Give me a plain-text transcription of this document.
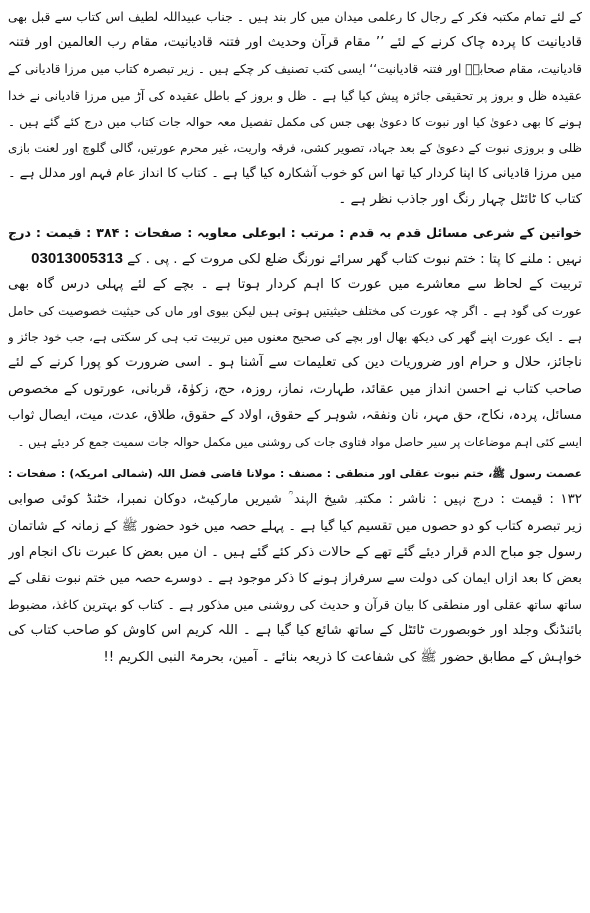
کے لئے تمام مکتبہ فکر کے رجال کا رعلمی میدان میں کار بند ہیں ۔ جناب عبیداللہ لطیف اس کتاب سے قبل بھی
قادیانیت کا پردہ چاک کرنے کے لئے ’’ مقام قرآن وحدیث اور فتنہ قادیانیت، مقام رب العالمین اور فتنہ
قادیانیت، مقام صحابہؓ اور فتنہ قادیانیت‘‘ ایسی کتب تصنیف کر چکے ہیں ۔ زیر تبصرہ کتاب میں مرزا قادیانی کے
عقیدہ ظل و بروز پر تحقیقی جائزہ پیش کیا گیا ہے ۔ ظل و بروز کے باطل عقیدہ کی آڑ میں مرزا قادیانی نے خدا
ہونے کا بھی دعویٰ کیا اور نبوت کا دعویٰ بھی جس کی مکمل تفصیل معہ حوالہ جات کتاب میں درج کئے گئے ہیں ۔
ظلی و بروزی نبوت کے دعویٰ کے بعد جہاد، تصویر کشی، فرقہ واریت، غیر محرم عورتیں، گالی گلوچ اور لعنت بازی
میں مرزا قادیانی کا اپنا کردار کیا تھا اس کو خوب آشکارہ کیا گیا ہے ۔ کتاب کا انداز عام فہم اور مدلل ہے ۔
کتاب کا ٹائٹل چہار رنگ اور جاذب نظر ہے ۔
خواتین کے شرعی مسائل قدم بہ قدم : مرتب : ابوعلی معاویہ : صفحات : ۳۸۴ : قیمت : درج
نہیں : ملنے کا پتا : ختم نبوت کتاب گھر سرائے نورنگ ضلع لکی مروت کے . پی . کے 03013005313
تربیت کے لحاظ سے معاشرے میں عورت کا اہم کردار ہوتا ہے ۔ بچے کے لئے پہلی درس گاہ بھی
عورت کی گود ہے ۔ اگر چہ عورت کی مختلف حیثیتیں ہوتی ہیں لیکن بیوی اور ماں کی حیثیت خصوصیت کی حامل
ہے ۔ ایک عورت اپنے گھر کی دیکھ بھال اور بچے کی صحیح معنوں میں تربیت تب ہی کر سکتی ہے، جب خود جائز و
ناجائز، حلال و حرام اور ضروریات دین کی تعلیمات سے آشنا ہو ۔ اسی ضرورت کو پورا کرنے کے لئے
صاحب کتاب نے احسن انداز میں عقائد، طہارت، نماز، روزہ، حج، زکوٰۃ، قربانی، عورتوں کے مخصوص
مسائل، پردہ، نکاح، حق مہر، نان ونفقہ، شوہر کے حقوق، اولاد کے حقوق، طلاق، عدت، میت، ایصال ثواب
ایسے کئی اہم موضاعات پر سیر حاصل مواد فتاوی جات کی روشنی میں مکمل حوالہ جات سمیت جمع کر دیئے ہیں ۔
عصمت رسول ﷺ، ختم نبوت عقلی اور منطقی : مصنف : مولانا قاضی فضل اللہ (شمالی امریکہ) : صفحات :
۱۳۲ : قیمت : درج نہیں : ناشر : مکتبہ شیخ الہند ؒ شیریں مارکیٹ، دوکان نمبرا، خٹنڈ کوئی صوابی
زیر تبصرہ کتاب کو دو حصوں میں تقسیم کیا گیا ہے ۔ پہلے حصہ میں خود حضور ﷺ کے زمانہ کے شاتمان
رسول جو مباح الدم قرار دیئے گئے تھے کے حالات ذکر کئے گئے ہیں ۔ ان میں بعض کا عبرت ناک انجام اور
بعض کا بعد ازاں ایمان کی دولت سے سرفراز ہونے کا ذکر موجود ہے ۔ دوسرے حصہ میں ختم نبوت نقلی کے
ساتھ ساتھ عقلی اور منطقی کا بیان قرآن و حدیث کی روشنی میں مذکور ہے ۔ کتاب کو بہترین کاغذ، مضبوط
بائنڈنگ وجلد اور خوبصورت ٹائٹل کے ساتھ شائع کیا گیا ہے ۔ اللہ کریم اس کاوش کو صاحب کتاب کی
خواہش کے مطابق حضور ﷺ کی شفاعت کا ذریعہ بنائے ۔ آمین، بحرمۃ النبی الکریم !!
